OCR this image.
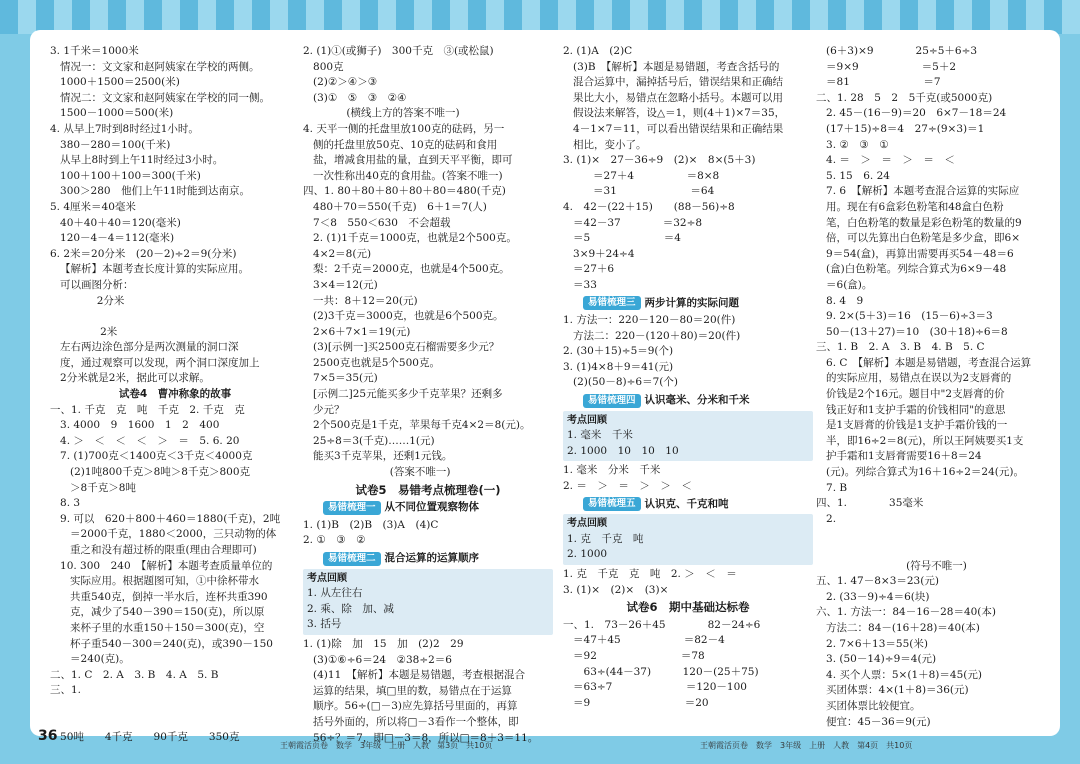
3. 1千米＝1000米
情况一：文文家和赵阿姨家在学校的两侧。
1000＋1500＝2500(米)
情况二：文文家和赵阿姨家在学校的同一侧。
1500－1000＝500(米)
4. 从早上7时到8时经过1小时。
380－280＝100(千米)
从早上8时到上午11时经过3小时。
100＋100＋100＝300(千米)
300＞280　他们上午11时能到达南京。
5. 4厘米＝40毫米
40＋40＋40＝120(毫米)
120－4－4＝112(毫米)
6. 2米＝20分米　(20－2)÷2＝9(分米)
【解析】本题考查长度计算的实际应用。
可以画图分析：
2分米

2米
左右两边涂色部分是两次测量的洞口深
度，通过观察可以发现，两个洞口深度加上
2分米就是2米，据此可以求解。
试卷4　曹冲称象的故事
一、1. 千克　克　吨　千克　2. 千克　克
3. 4000　9　1600　1　2　400
4. ＞　＜　＜　＜　＞　＝　5. 6. 20
7. (1)700克＜1400克＜3千克＜4000克
(2)1吨800千克＞8吨＞8千克＞800克
＞8千克＞8吨
8. 3
9. 可以　620＋800＋460＝1880(千克)，2吨
＝2000千克，1880＜2000，三只动物的体
重之和没有超过桥的限重(理由合理即可)
10. 300　240　【解析】本题考查质量单位的
实际应用。根据题图可知，①中徐杯带水
共重540克，倒掉一半水后，连杯共重390
克，减少了540－390＝150(克)，所以原
来杯子里的水重150＋150＝300(克)，空
杯子重540－300＝240(克)，或390－150
＝240(克)。
二、1. C　2. A　3. B　4. A　5. B
三、1.

50吨　　4千克　　90千克　　350克
2. (1)①(或狮子)　300千克　③(或松鼠)
800克
(2)②＞④＞③
(3)①　⑤　③　②④
(横线上方的答案不唯一)
4. 天平一侧的托盘里放100克的砝码，另一
侧的托盘里放50克、10克的砝码和食用
盐，增减食用盐的量，直到天平平衡，即可
一次性称出40克的食用盐。(答案不唯一)
四、1. 80＋80＋80＋80＋80＝480(千克)
480＋70＝550(千克)　6＋1＝7(人)
7＜8　550＜630　不会超载
2. (1)1千克＝1000克，也就是2个500克。
4×2＝8(元)
梨：2千克＝2000克，也就是4个500克。
3×4＝12(元)
一共：8＋12＝20(元)
(2)3千克＝3000克，也就是6个500克。
2×6＋7×1＝19(元)
(3)[示例一]买2500克石榴需要多少元？
2500克也就是5个500克。
7×5＝35(元)
[示例二]25元能买多少千克苹果？还剩多
少元？
2个500克是1千克，苹果每千克4×2＝8(元)。
25÷8＝3(千克)……1(元)
能买3千克苹果，还剩1元钱。
(答案不唯一)
试卷5　易错考点梳理卷(一)
易错梳理一 从不同位置观察物体
1. (1)B　(2)B　(3)A　(4)C
2. ①　③　②
易错梳理二 混合运算的运算顺序
考点回顾
1. 从左往右
2. 乘、除　加、减
3. 括号
1. (1)除　加　15　加　(2)2　29
(3)①⑥÷6＝24　②38÷2＝6
(4)11　【解析】本题是易错题，考查根据混合
运算的结果，填□里的数，易错点在于运算
顺序。56÷(□－3)应先算括号里面的，再算
括号外面的，所以将□－3看作一个整体，即
56÷？＝7，即□－3＝8，所以□＝8＋3＝11。
2. (1)A　(2)C
(3)B　【解析】本题是易错题，考查含括号的
混合运算中，漏掉括号后，错误结果和正确结
果比大小，易错点在忽略小括号。本题可以用
假设法来解答，设△＝1，则(4＋1)×7＝35，
4－1×7＝11，可以看出错误结果和正确结果
相比，变小了。
3. (1)×　27－36÷9　(2)×　8×(5＋3)
＝27＋4　　　　　＝8×8
＝31　　　　　　　＝64
4.　42－(22＋15)　　(88－56)÷8
＝42－37　　　　＝32÷8
＝5　　　　　　　＝4
3×9＋24÷4
＝27＋6
＝33
易错梳理三 两步计算的实际问题
1. 方法一：220－120－80＝20(件)
方法二：220－(120＋80)＝20(件)
2. (30＋15)÷5＝9(个)
3. (1)4×8＋9＝41(元)
(2)(50－8)÷6＝7(个)
易错梳理四 认识毫米、分米和千米
考点回顾
1. 毫米　千米
2. 1000　10　10　10
1. 毫米　分米　千米
2. ＝　＞　＝　＞　＞　＜
易错梳理五 认识克、千克和吨
考点回顾
1. 克　千克　吨
2. 1000
1. 克　千克　克　吨　2. ＞　＜　＝
3. (1)×　(2)×　(3)×
试卷6　期中基础达标卷
一、1.　73－26＋45　　　　82－24÷6
＝47＋45　　　　　　＝82－4
＝92　　　　　　　　＝78
　63÷(44－37)　　　120－(25＋75)
＝63÷7　　　　　　　＝120－100
＝9　　　　　　　　　＝20
(6＋3)×9　　　　25÷5＋6÷3
＝9×9　　　　　　＝5＋2
＝81　　　　　　　＝7
二、1. 28　5　2　5千克(或5000克)
2. 45－(16－9)＝20　6×7－18＝24
(17＋15)÷8＝4　27÷(9×3)＝1
3. ②　③　①
4. ＝　＞　＝　＞　＝　＜
5. 15　6. 24
7. 6　【解析】本题考查混合运算的实际应
用。现在有6盒彩色粉笔和48盒白色粉
笔，白色粉笔的数量是彩色粉笔的数量的9
倍，可以先算出白色粉笔是多少盒，即6×
9＝54(盒)，再算出需要再买54－48＝6
(盒)白色粉笔。列综合算式为6×9－48
＝6(盒)。
8. 4　9
9. 2×(5＋3)＝16　(15－6)÷3＝3
50－(13＋27)＝10　(30＋18)÷6＝8
三、1. B　2. A　3. B　4. B　5. C
6. C　【解析】本题是易错题，考查混合运算
的实际应用，易错点在误以为2支唇膏的
价钱是2个16元。题目中"2支唇膏的价
钱正好和1支护手霜的价钱相同"的意思
是1支唇膏的价钱是1支护手霜价钱的一
半，即16÷2＝8(元)，所以王阿姨要买1支
护手霜和1支唇膏需要16＋8＝24
(元)。列综合算式为16＋16÷2＝24(元)。
7. B
四、1.　　　　35毫米
2.

(符号不唯一)
五、1. 47－8×3＝23(元)
2. (33－9)÷4＝6(块)
六、1. 方法一：84－16－28＝40(本)
方法二：84－(16＋28)＝40(本)
2. 7×6＋13＝55(米)
3. (50－14)÷9＝4(元)
4. 买个人票：5×(1＋8)＝45(元)
买团体票：4×(1＋8)＝36(元)
买团体票比较便宜。
便宜：45－36＝9(元)
36
王朝霞活页卷　数学　3年级　上册　人教　第3页　共10页	王朝霞活页卷　数学　3年级　上册　人教　第4页　共10页
